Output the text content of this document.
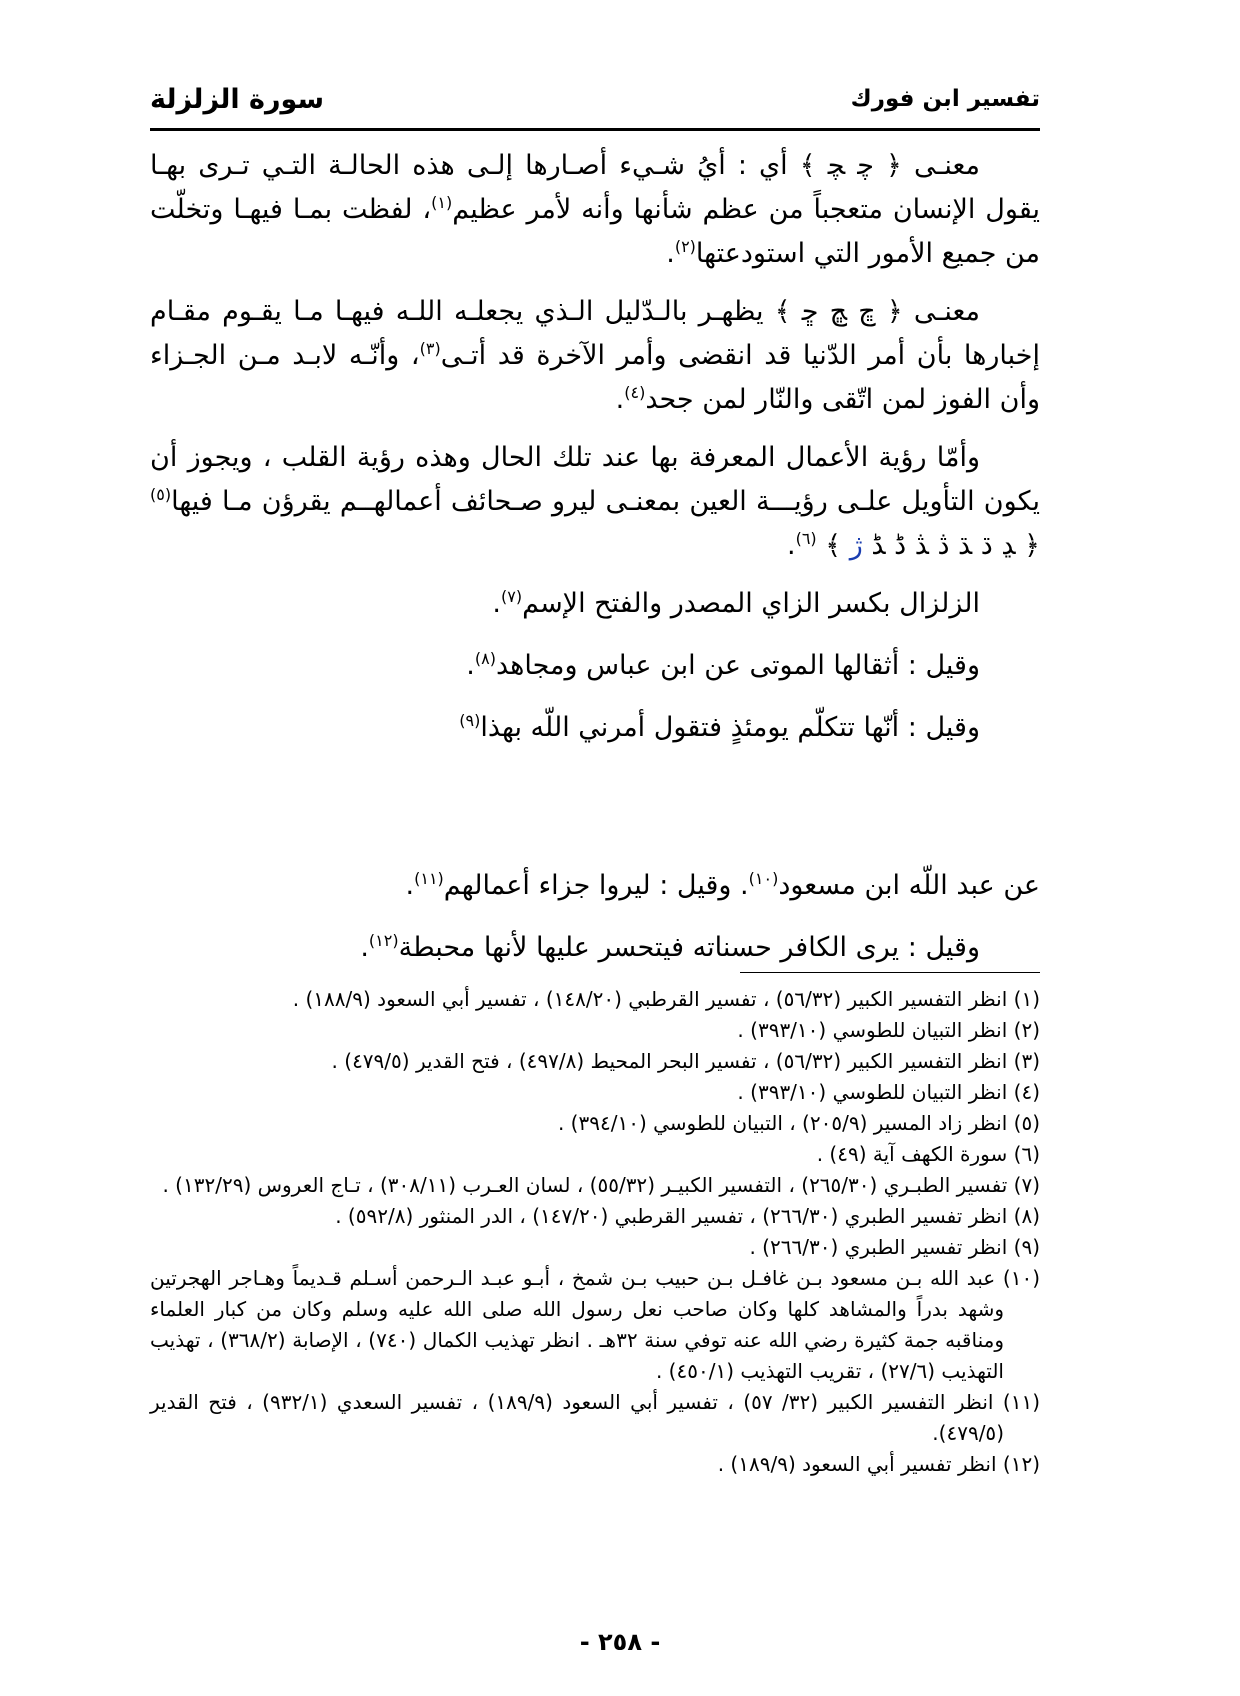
تفسير ابن فورك
سورة الزلزلة

معنـى ﴿ ﭼ ﭽ ﴾ أي : أيُ شـيء أصـارها إلـى هذه الحالـة التـي تـرى بهـا يقول الإنسان متعجباً من عظم شأنها وأنه لأمر عظيم$^{(١)}$، لفظت بمـا فيهـا وتخلّت من جميع الأمور التي استودعتها$^{(٢)}$.

معنـى ﴿ ﭾ ﭿ ﮀ ﴾ يظهـر بالـدّليل الـذي يجعلـه اللـه فيهـا مـا يقـوم مقـام إخبارها بأن أمر الدّنيا قد انقضى وأمر الآخرة قد أتـى$^{(٣)}$، وأنّـه لابـد مـن الجـزاء وأن الفوز لمن اتّقى والنّار لمن جحد$^{(٤)}$.

وأمّا رؤية الأعمال المعرفة بها عند تلك الحال وهذه رؤية القلب ، ويجوز أن يكون التأويل علـى رؤيـــة العين بمعنـى ليرو صـحائف أعمالهــم يقرؤن مـا فيها$^{(٥)}$ ﴿ ﮃ ﮄ ﮅ ﮆ ﮇ ﮈ ﮉ ﮊ ﴾ $^{(٦)}$.

الزلزال بكسر الزاي المصدر والفتح الإسم$^{(٧)}$.

وقيل : أثقالها الموتى عن ابن عباس ومجاهد$^{(٨)}$.

وقيل : أنّها تتكلّم يومئذٍ فتقول أمرني اللّه بهذا$^{(٩)}$

عن عبد اللّه ابن مسعود$^{(١٠)}$. وقيل : ليروا جزاء أعمالهم$^{(١١)}$.

وقيل : يرى الكافر حسناته فيتحسر عليها لأنها محبطة$^{(١٢)}$.

(١) انظر التفسير الكبير (٥٦/٣٢) ، تفسير القرطبي (١٤٨/٢٠) ، تفسير أبي السعود (١٨٨/٩) .

(٢) انظر التبيان للطوسي (٣٩٣/١٠) .

(٣) انظر التفسير الكبير (٥٦/٣٢) ، تفسير البحر المحيط (٤٩٧/٨) ، فتح القدير (٤٧٩/٥) .

(٤) انظر التبيان للطوسي (٣٩٣/١٠) .

(٥) انظر زاد المسير (٢٠٥/٩) ، التبيان للطوسي (٣٩٤/١٠) .

(٦) سورة الكهف آية (٤٩) .

(٧) تفسير الطبـري (٢٦٥/٣٠) ، التفسير الكبيـر (٥٥/٣٢) ، لسان العـرب (٣٠٨/١١) ، تـاج العروس (١٣٢/٢٩) .

(٨) انظر تفسير الطبري (٢٦٦/٣٠) ، تفسير القرطبي (١٤٧/٢٠) ، الدر المنثور (٥٩٢/٨) .

(٩) انظر تفسير الطبري (٢٦٦/٣٠) .

(١٠) عبد الله بـن مسعود بـن غافـل بـن حبيب بـن شمخ ، أبـو عبـد الـرحمن أسـلم قـديماً وهـاجر الهجرتين وشهد بدراً والمشاهد كلها وكان صاحب نعل رسول الله صلى الله عليه وسلم وكان من كبار العلماء ومناقبه جمة كثيرة رضي الله عنه توفي سنة ٣٢هـ . انظر تهذيب الكمال (٧٤٠) ، الإصابة (٣٦٨/٢) ، تهذيب التهذيب (٢٧/٦) ، تقريب التهذيب (٤٥٠/١) .

(١١) انظر التفسير الكبير (٣٢/ ٥٧) ، تفسير أبي السعود (١٨٩/٩) ، تفسير السعدي (٩٣٢/١) ، فتح القدير (٤٧٩/٥).

(١٢) انظر تفسير أبي السعود (١٨٩/٩) .

- ٢٥٨ -
